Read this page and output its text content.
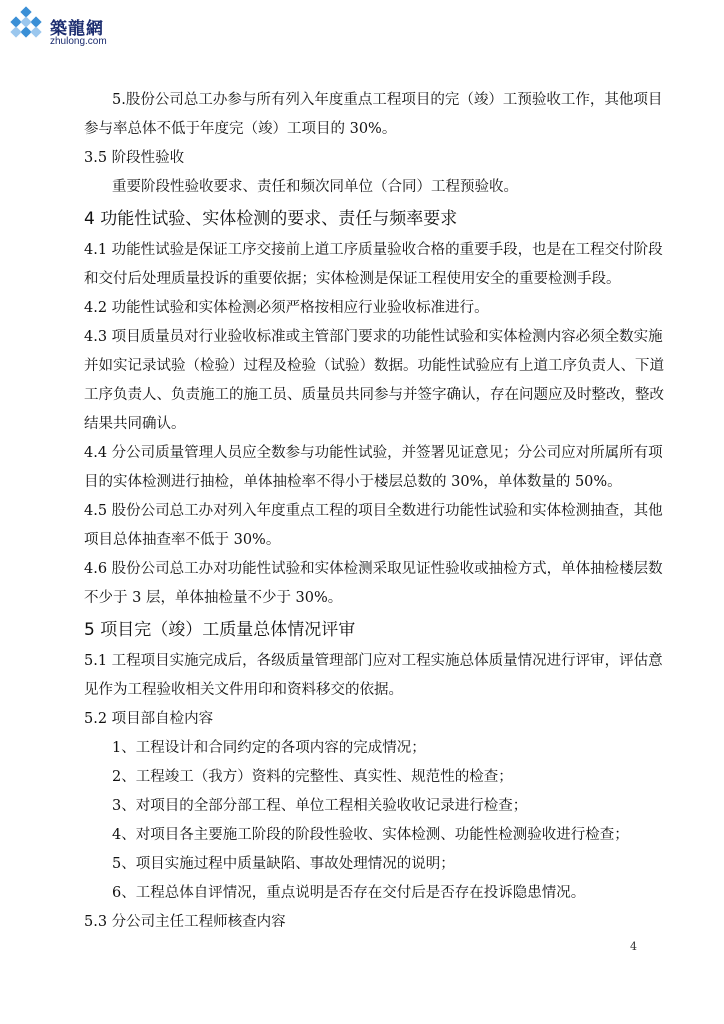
築龍網
zhulong.com

5.股份公司总工办参与所有列入年度重点工程项目的完（竣）工预验收工作，其他项目参与率总体不低于年度完（竣）工项目的 30%。

3.5 阶段性验收

重要阶段性验收要求、责任和频次同单位（合同）工程预验收。

4 功能性试验、实体检测的要求、责任与频率要求

4.1 功能性试验是保证工序交接前上道工序质量验收合格的重要手段，也是在工程交付阶段和交付后处理质量投诉的重要依据；实体检测是保证工程使用安全的重要检测手段。

4.2 功能性试验和实体检测必须严格按相应行业验收标准进行。

4.3 项目质量员对行业验收标准或主管部门要求的功能性试验和实体检测内容必须全数实施并如实记录试验（检验）过程及检验（试验）数据。功能性试验应有上道工序负责人、下道工序负责人、负责施工的施工员、质量员共同参与并签字确认，存在问题应及时整改，整改结果共同确认。

4.4 分公司质量管理人员应全数参与功能性试验，并签署见证意见；分公司应对所属所有项目的实体检测进行抽检，单体抽检率不得小于楼层总数的 30%，单体数量的 50%。

4.5 股份公司总工办对列入年度重点工程的项目全数进行功能性试验和实体检测抽查，其他项目总体抽查率不低于 30%。

4.6 股份公司总工办对功能性试验和实体检测采取见证性验收或抽检方式，单体抽检楼层数不少于 3 层，单体抽检量不少于 30%。

5 项目完（竣）工质量总体情况评审

5.1 工程项目实施完成后，各级质量管理部门应对工程实施总体质量情况进行评审，评估意见作为工程验收相关文件用印和资料移交的依据。

5.2 项目部自检内容

1、工程设计和合同约定的各项内容的完成情况；

2、工程竣工（我方）资料的完整性、真实性、规范性的检查；

3、对项目的全部分部工程、单位工程相关验收收记录进行检查；

4、对项目各主要施工阶段的阶段性验收、实体检测、功能性检测验收进行检查；

5、项目实施过程中质量缺陷、事故处理情况的说明；

6、工程总体自评情况，重点说明是否存在交付后是否存在投诉隐患情况。

5.3 分公司主任工程师核查内容

4
